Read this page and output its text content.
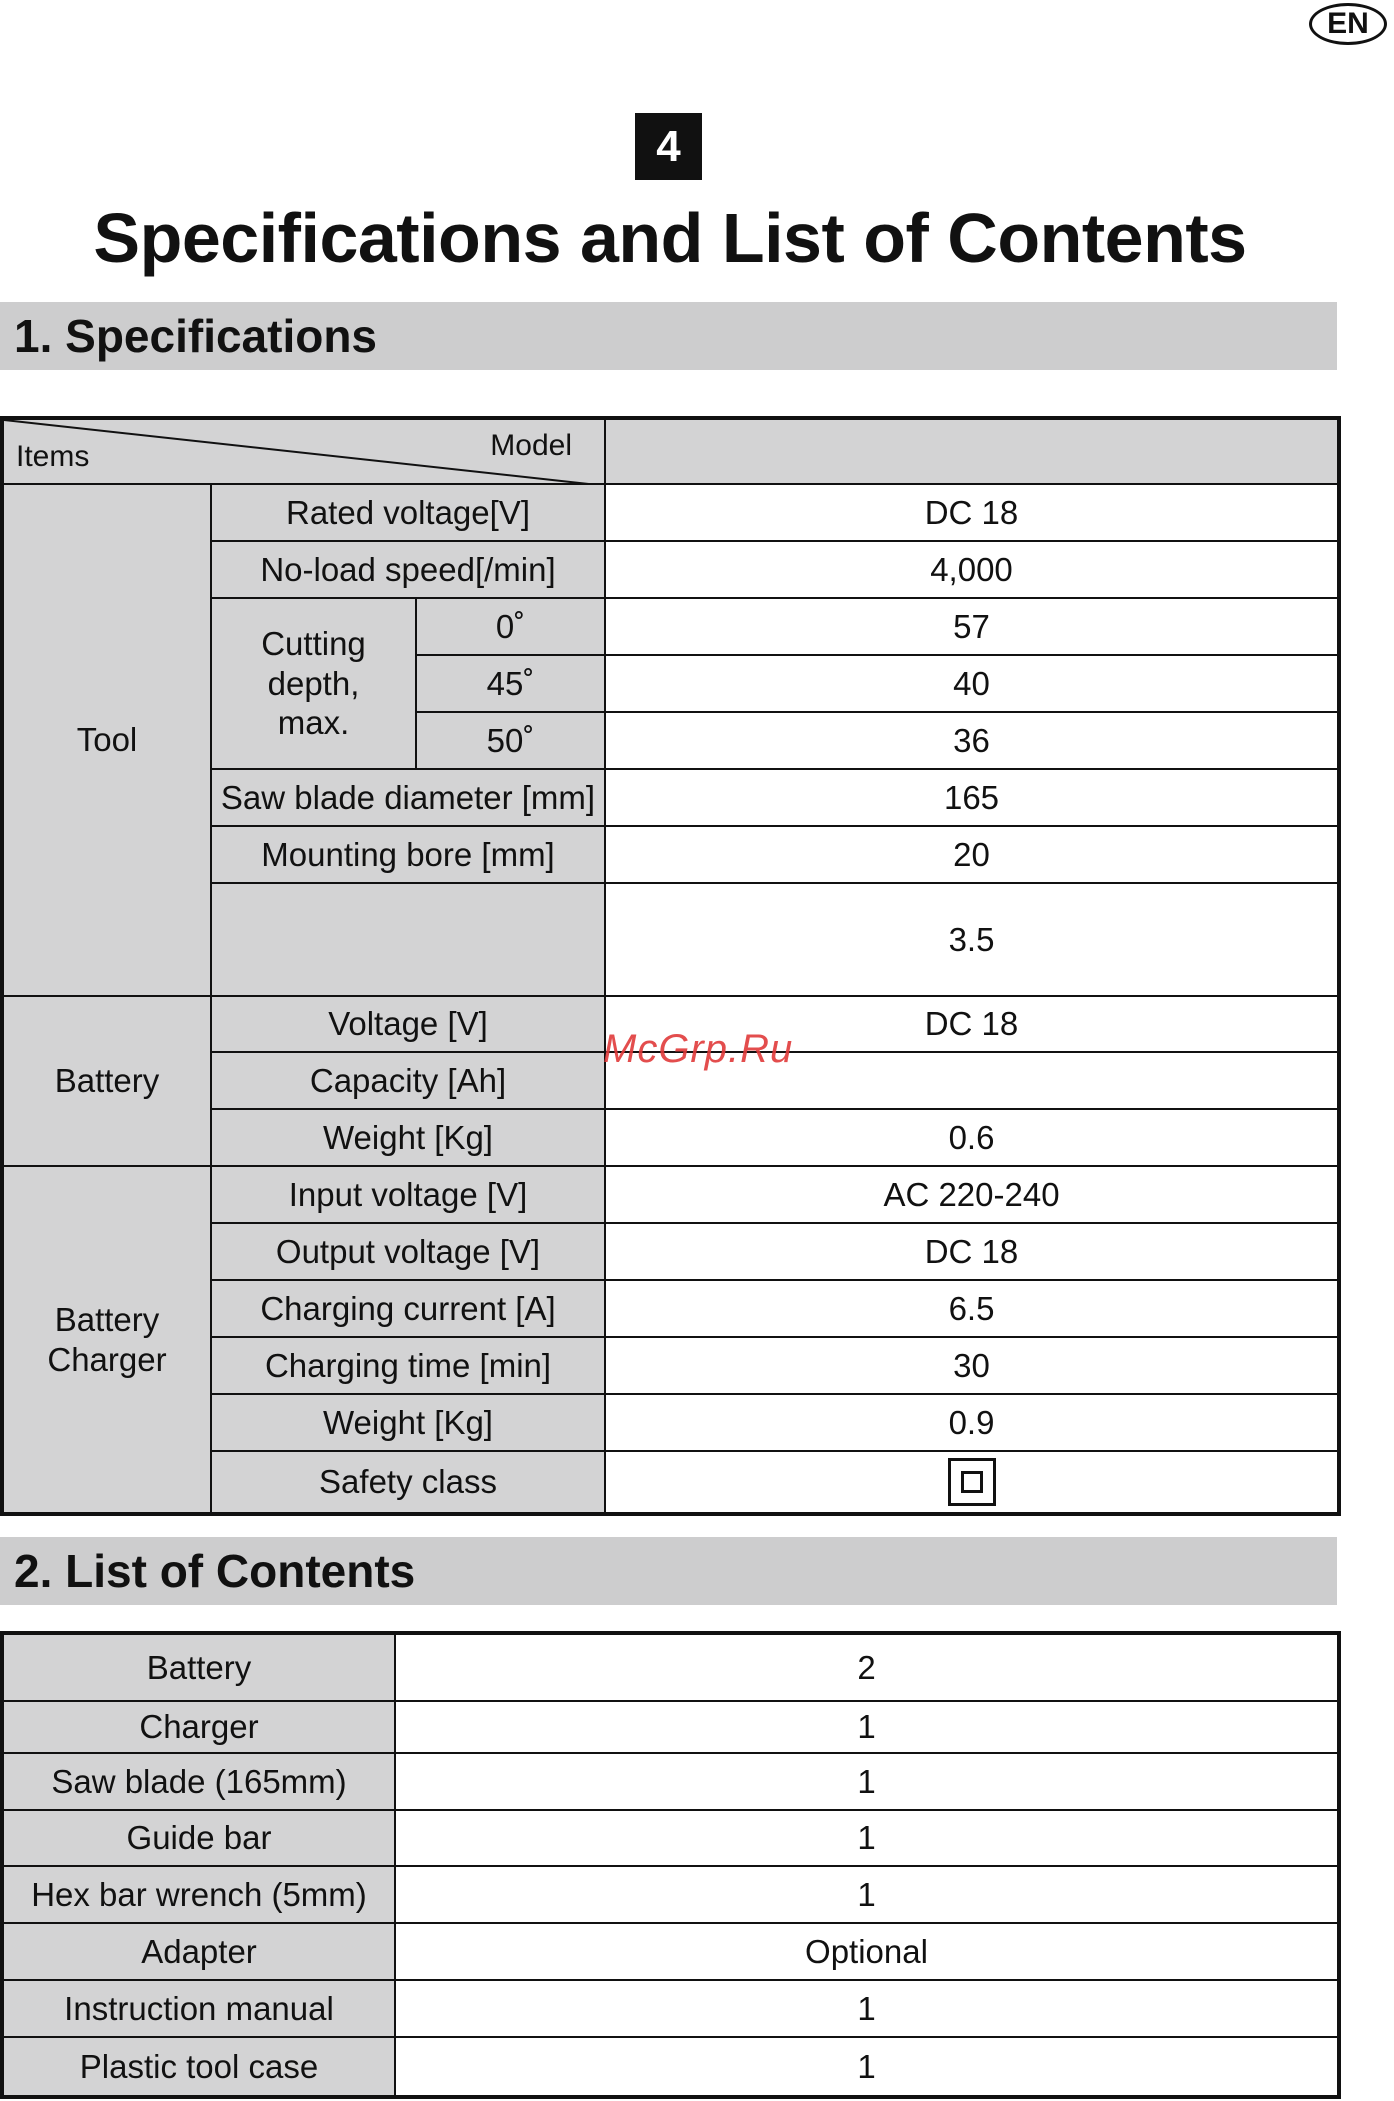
EN
4
Specifications and List of Contents
1. Specifications
Items Model			

Tool	Rated voltage[V]		DC 18
	No-load speed[/min]		4,000
	Cutting depth, max.	0˚	57
		45˚	40
		50˚	36
	Saw blade diameter [mm]		165
	Mounting bore [mm]		20
			3.5
Battery	Voltage [V]		DC 18
	Capacity [Ah]		
	Weight [Kg]		0.6
Battery Charger	Input voltage [V]		AC 220-240
	Output voltage [V]		DC 18
	Charging current [A]		6.5
	Charging time [min]		30
	Weight [Kg]		0.9
	Safety class		
McGrp.Ru
2. List of Contents
Battery	2
Charger	1
Saw blade (165mm)	1
Guide bar	1
Hex bar wrench (5mm)	1
Adapter	Optional
Instruction manual	1
Plastic tool case	1
